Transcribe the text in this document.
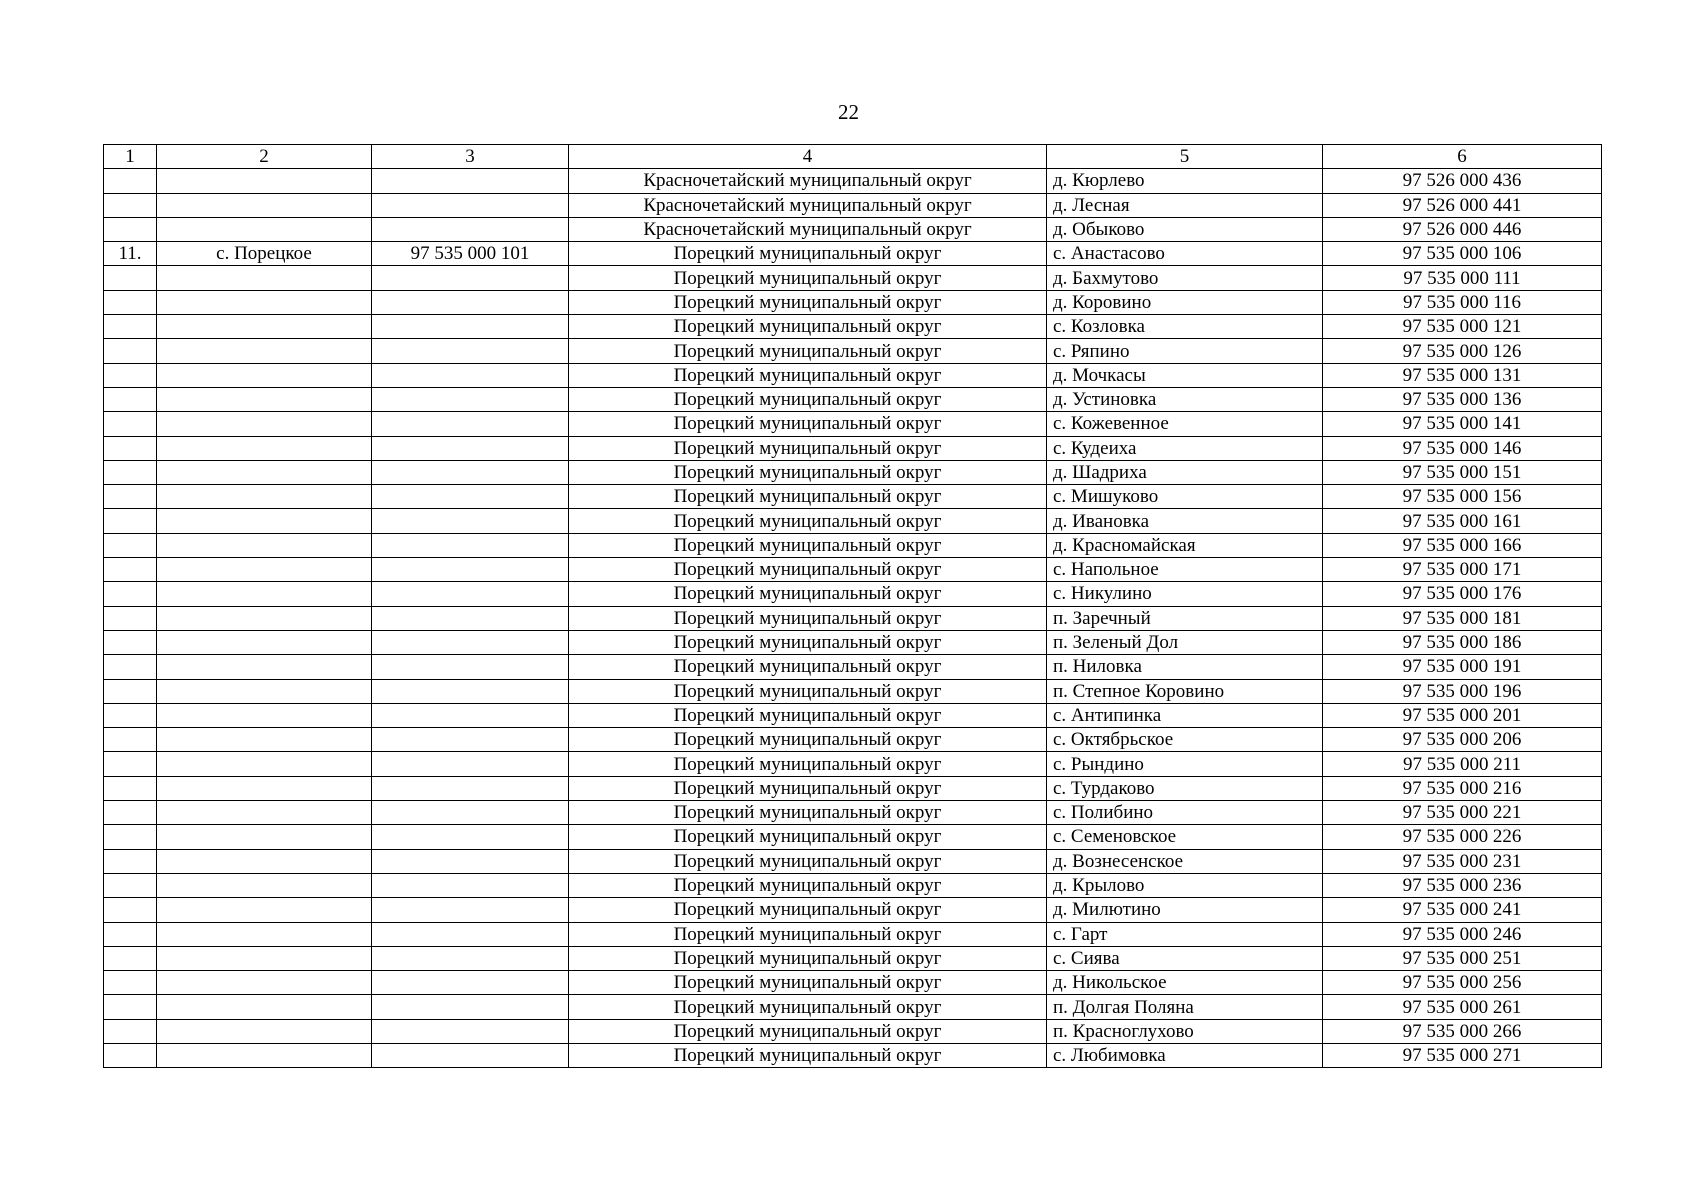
22
1	2	3	4	5	6
			Красночетайский муниципальный округ	д. Кюрлево	97 526 000 436
			Красночетайский муниципальный округ	д. Лесная	97 526 000 441
			Красночетайский муниципальный округ	д. Обыково	97 526 000 446
11.	с. Порецкое	97 535 000 101	Порецкий муниципальный округ	с. Анастасово	97 535 000 106
			Порецкий муниципальный округ	д. Бахмутово	97 535 000 111
			Порецкий муниципальный округ	д. Коровино	97 535 000 116
			Порецкий муниципальный округ	с. Козловка	97 535 000 121
			Порецкий муниципальный округ	с. Ряпино	97 535 000 126
			Порецкий муниципальный округ	д. Мочкасы	97 535 000 131
			Порецкий муниципальный округ	д. Устиновка	97 535 000 136
			Порецкий муниципальный округ	с. Кожевенное	97 535 000 141
			Порецкий муниципальный округ	с. Кудеиха	97 535 000 146
			Порецкий муниципальный округ	д. Шадриха	97 535 000 151
			Порецкий муниципальный округ	с. Мишуково	97 535 000 156
			Порецкий муниципальный округ	д. Ивановка	97 535 000 161
			Порецкий муниципальный округ	д. Красномайская	97 535 000 166
			Порецкий муниципальный округ	с. Напольное	97 535 000 171
			Порецкий муниципальный округ	с. Никулино	97 535 000 176
			Порецкий муниципальный округ	п. Заречный	97 535 000 181
			Порецкий муниципальный округ	п. Зеленый Дол	97 535 000 186
			Порецкий муниципальный округ	п. Ниловка	97 535 000 191
			Порецкий муниципальный округ	п. Степное Коровино	97 535 000 196
			Порецкий муниципальный округ	с. Антипинка	97 535 000 201
			Порецкий муниципальный округ	с. Октябрьское	97 535 000 206
			Порецкий муниципальный округ	с. Рындино	97 535 000 211
			Порецкий муниципальный округ	с. Турдаково	97 535 000 216
			Порецкий муниципальный округ	с. Полибино	97 535 000 221
			Порецкий муниципальный округ	с. Семеновское	97 535 000 226
			Порецкий муниципальный округ	д. Вознесенское	97 535 000 231
			Порецкий муниципальный округ	д. Крылово	97 535 000 236
			Порецкий муниципальный округ	д. Милютино	97 535 000 241
			Порецкий муниципальный округ	с. Гарт	97 535 000 246
			Порецкий муниципальный округ	с. Сиява	97 535 000 251
			Порецкий муниципальный округ	д. Никольское	97 535 000 256
			Порецкий муниципальный округ	п. Долгая Поляна	97 535 000 261
			Порецкий муниципальный округ	п. Красноглухово	97 535 000 266
			Порецкий муниципальный округ	с. Любимовка	97 535 000 271
